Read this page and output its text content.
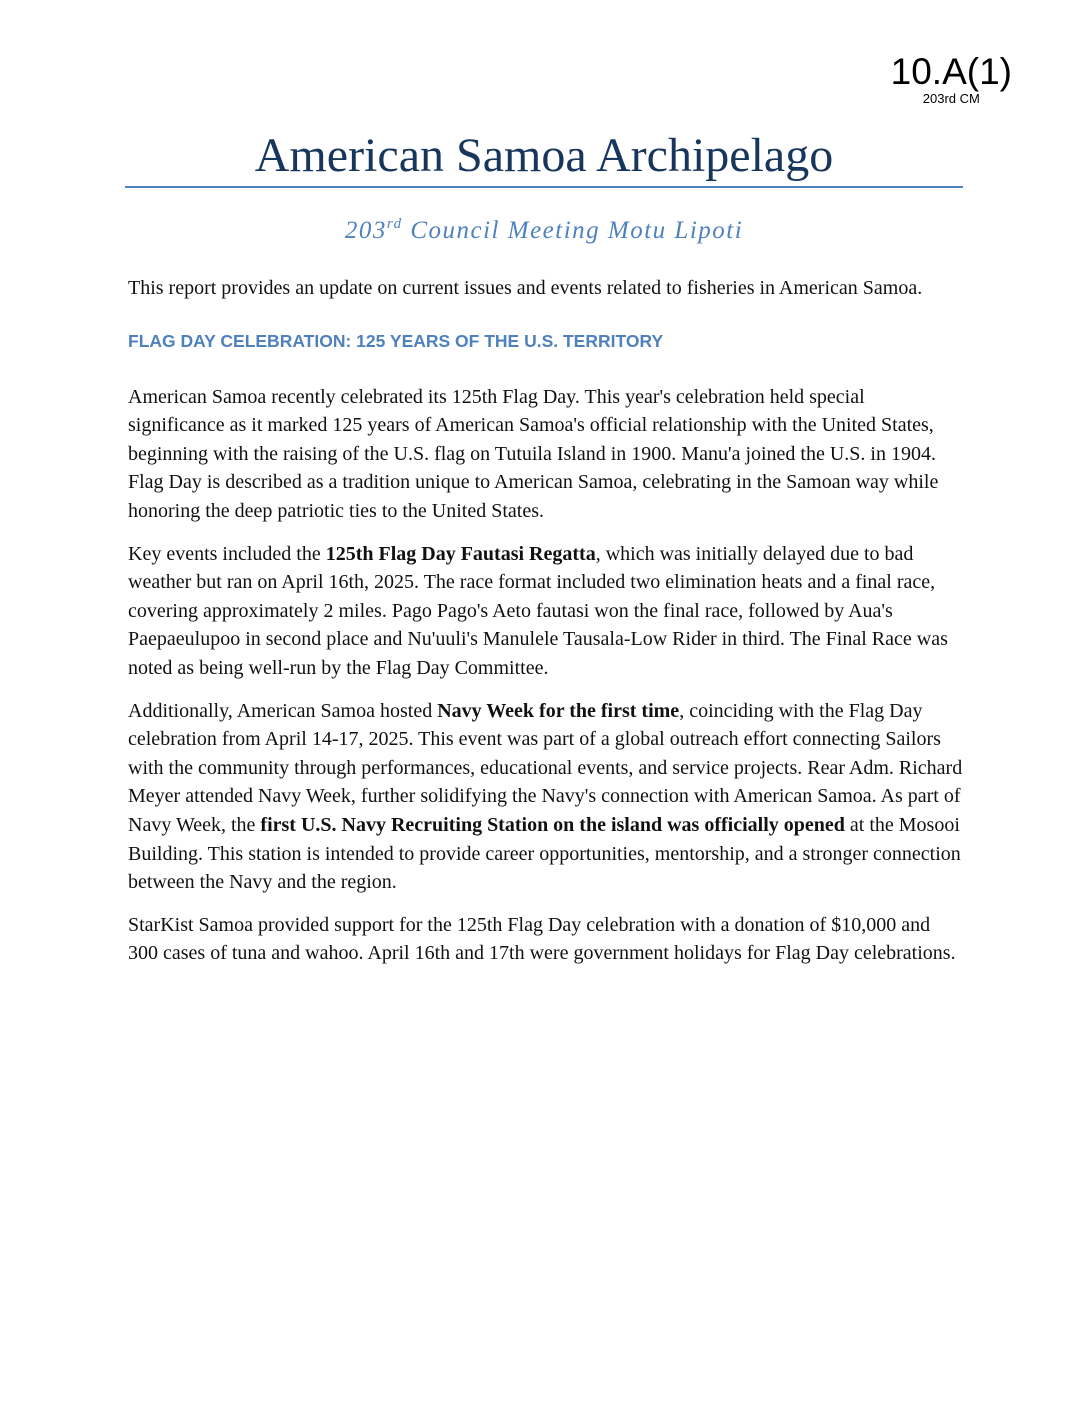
10.A(1)
203rd CM
American Samoa Archipelago
203rd Council Meeting Motu Lipoti

This report provides an update on current issues and events related to fisheries in American Samoa.

FLAG DAY CELEBRATION: 125 YEARS OF THE U.S. TERRITORY

American Samoa recently celebrated its 125th Flag Day. This year's celebration held special significance as it marked 125 years of American Samoa's official relationship with the United States, beginning with the raising of the U.S. flag on Tutuila Island in 1900. Manu'a joined the U.S. in 1904. Flag Day is described as a tradition unique to American Samoa, celebrating in the Samoan way while honoring the deep patriotic ties to the United States.

Key events included the 125th Flag Day Fautasi Regatta, which was initially delayed due to bad weather but ran on April 16th, 2025. The race format included two elimination heats and a final race, covering approximately 2 miles. Pago Pago's Aeto fautasi won the final race, followed by Aua's Paepaeulupoo in second place and Nu'uuli's Manulele Tausala-Low Rider in third. The Final Race was noted as being well-run by the Flag Day Committee.

Additionally, American Samoa hosted Navy Week for the first time, coinciding with the Flag Day celebration from April 14-17, 2025. This event was part of a global outreach effort connecting Sailors with the community through performances, educational events, and service projects. Rear Adm. Richard Meyer attended Navy Week, further solidifying the Navy's connection with American Samoa. As part of Navy Week, the first U.S. Navy Recruiting Station on the island was officially opened at the Mosooi Building. This station is intended to provide career opportunities, mentorship, and a stronger connection between the Navy and the region.

StarKist Samoa provided support for the 125th Flag Day celebration with a donation of $10,000 and 300 cases of tuna and wahoo. April 16th and 17th were government holidays for Flag Day celebrations.
